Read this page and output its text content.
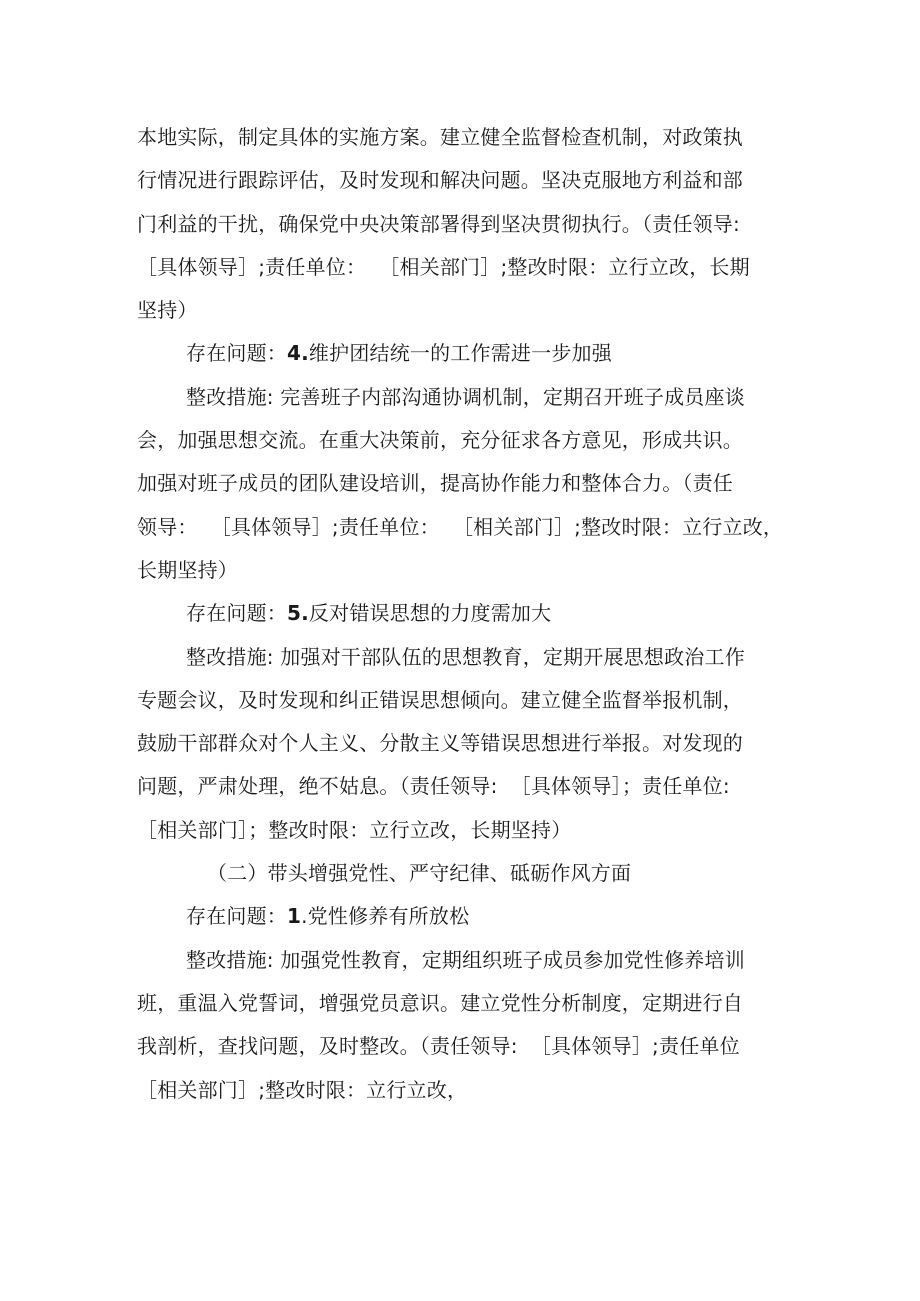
本地实际，制定具体的实施方案。建立健全监督检查机制，对政策执
行情况进行跟踪评估，及时发现和解决问题。坚决克服地方利益和部
门利益的干扰，确保党中央决策部署得到坚决贯彻执行。（责任领导:
［具体领导］;责任单位：  ［相关部门］;整改时限：立行立改，长期
坚持）
存在问题：4.维护团结统一的工作需进一步加强
整改措施: 完善班子内部沟通协调机制，定期召开班子成员座谈
会，加强思想交流。在重大决策前，充分征求各方意见，形成共识。
加强对班子成员的团队建设培训，提高协作能力和整体合力。（责任
领导：  ［具体领导］;责任单位：  ［相关部门］;整改时限：立行立改，
长期坚持）
存在问题：5.反对错误思想的力度需加大
整改措施: 加强对干部队伍的思想教育，定期开展思想政治工作
专题会议，及时发现和纠正错误思想倾向。建立健全监督举报机制，
鼓励干部群众对个人主义、分散主义等错误思想进行举报。对发现的
问题，严肃处理，绝不姑息。（责任领导:  ［具体领导］；责任单位:
［相关部门］；整改时限：立行立改，长期坚持）
（二）带头增强党性、严守纪律、砥砺作风方面
存在问题：1.党性修养有所放松
整改措施: 加强党性教育，定期组织班子成员参加党性修养培训
班，重温入党誓词，增强党员意识。建立党性分析制度，定期进行自
我剖析，查找问题，及时整改。（责任领导:  ［具体领导］;责任单位
［相关部门］;整改时限：立行立改，
